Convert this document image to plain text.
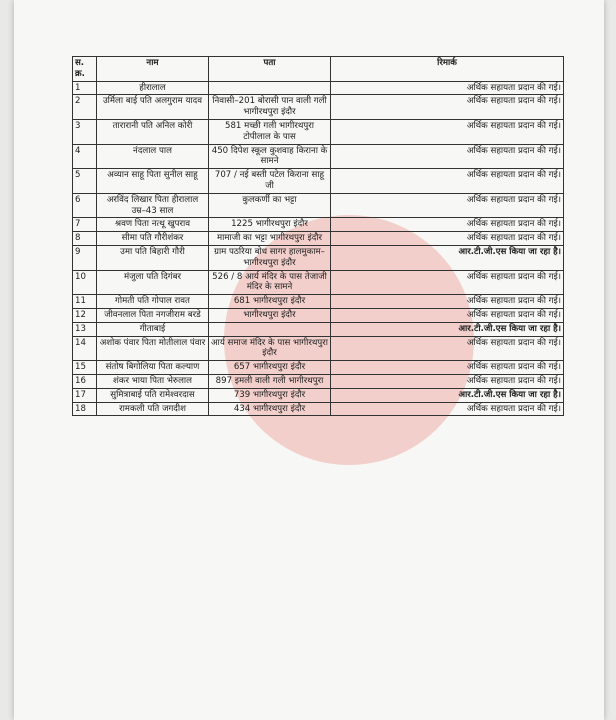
स. क्र.	नाम	पता	रिमार्क
1	हीरालाल		अर्थिक सहायता प्रदान की गई।
2	उर्मिला बाई पति अलगुराम यादव	निवासी–201 बोरासी पान वाली गली भागीरथपुरा इंदौर	अर्थिक सहायता प्रदान की गई।
3	तारारानी पति अनिल कोरी	581 मच्छी गली भागीरथपुरा टोपीलाल के पास	अर्थिक सहायता प्रदान की गई।
4	नंदलाल पाल	450 दिपेश स्कूल कुशवाह किराना के सामने	अर्थिक सहायता प्रदान की गई।
5	अव्यान साहू पिता सुनील साहू	707 / नई बस्ती पटेल किराना साहू जी	अर्थिक सहायता प्रदान की गई।
6	अरविंद लिखार पिता हीरालाल उम्र–43 साल	कुलकर्णी का भट्टा	अर्थिक सहायता प्रदान की गई।
7	श्रवण पिता नत्थू खुपराव	1225 भागीरथपुरा इंदौर	अर्थिक सहायता प्रदान की गई।
8	सीमा पति गौरीशंकर	मामाजी का भट्टा भागीरथपुरा इंदौर	अर्थिक सहायता प्रदान की गई।
9	उमा पति बिहारी गौरी	ग्राम पठरिया बोध सागर हालमुकाम– भागीरथपुरा इंदौर	आर.टी.जी.एस किया जा रहा है।
10	मंजुला पति दिगंबर	526 / 8 आर्य मंदिर के पास तेजाजी मंदिर के सामने	अर्थिक सहायता प्रदान की गई।
11	गोमती पति गोपाल रावत	681 भागीरथपुरा इंदौर	अर्थिक सहायता प्रदान की गई।
12	जीवनलाल पिता नगजीराम बरडे	भागीरथपुरा इंदौर	अर्थिक सहायता प्रदान की गई।
13	गीताबाई		आर.टी.जी.एस किया जा रहा है।
14	अशोक पंवार पिता मोतीलाल पंवार	आर्य समाज मंदिर के पास भागीरथपुरा इंदौर	अर्थिक सहायता प्रदान की गई।
15	संतोष बिगोलिया पिता कल्याण	657 भागीरथपुरा इंदौर	अर्थिक सहायता प्रदान की गई।
16	शंकर भाया पिता भेरुलाल	897 इमली वाली गली भागीरथपुरा	अर्थिक सहायता प्रदान की गई।
17	सुमित्राबाई पति रामेश्वरदास	739 भागीरथपुरा इंदौर	आर.टी.जी.एस किया जा रहा है।
18	रामकली पति जगदीश	434 भागीरथपुरा इंदौर	अर्थिक सहायता प्रदान की गई।
